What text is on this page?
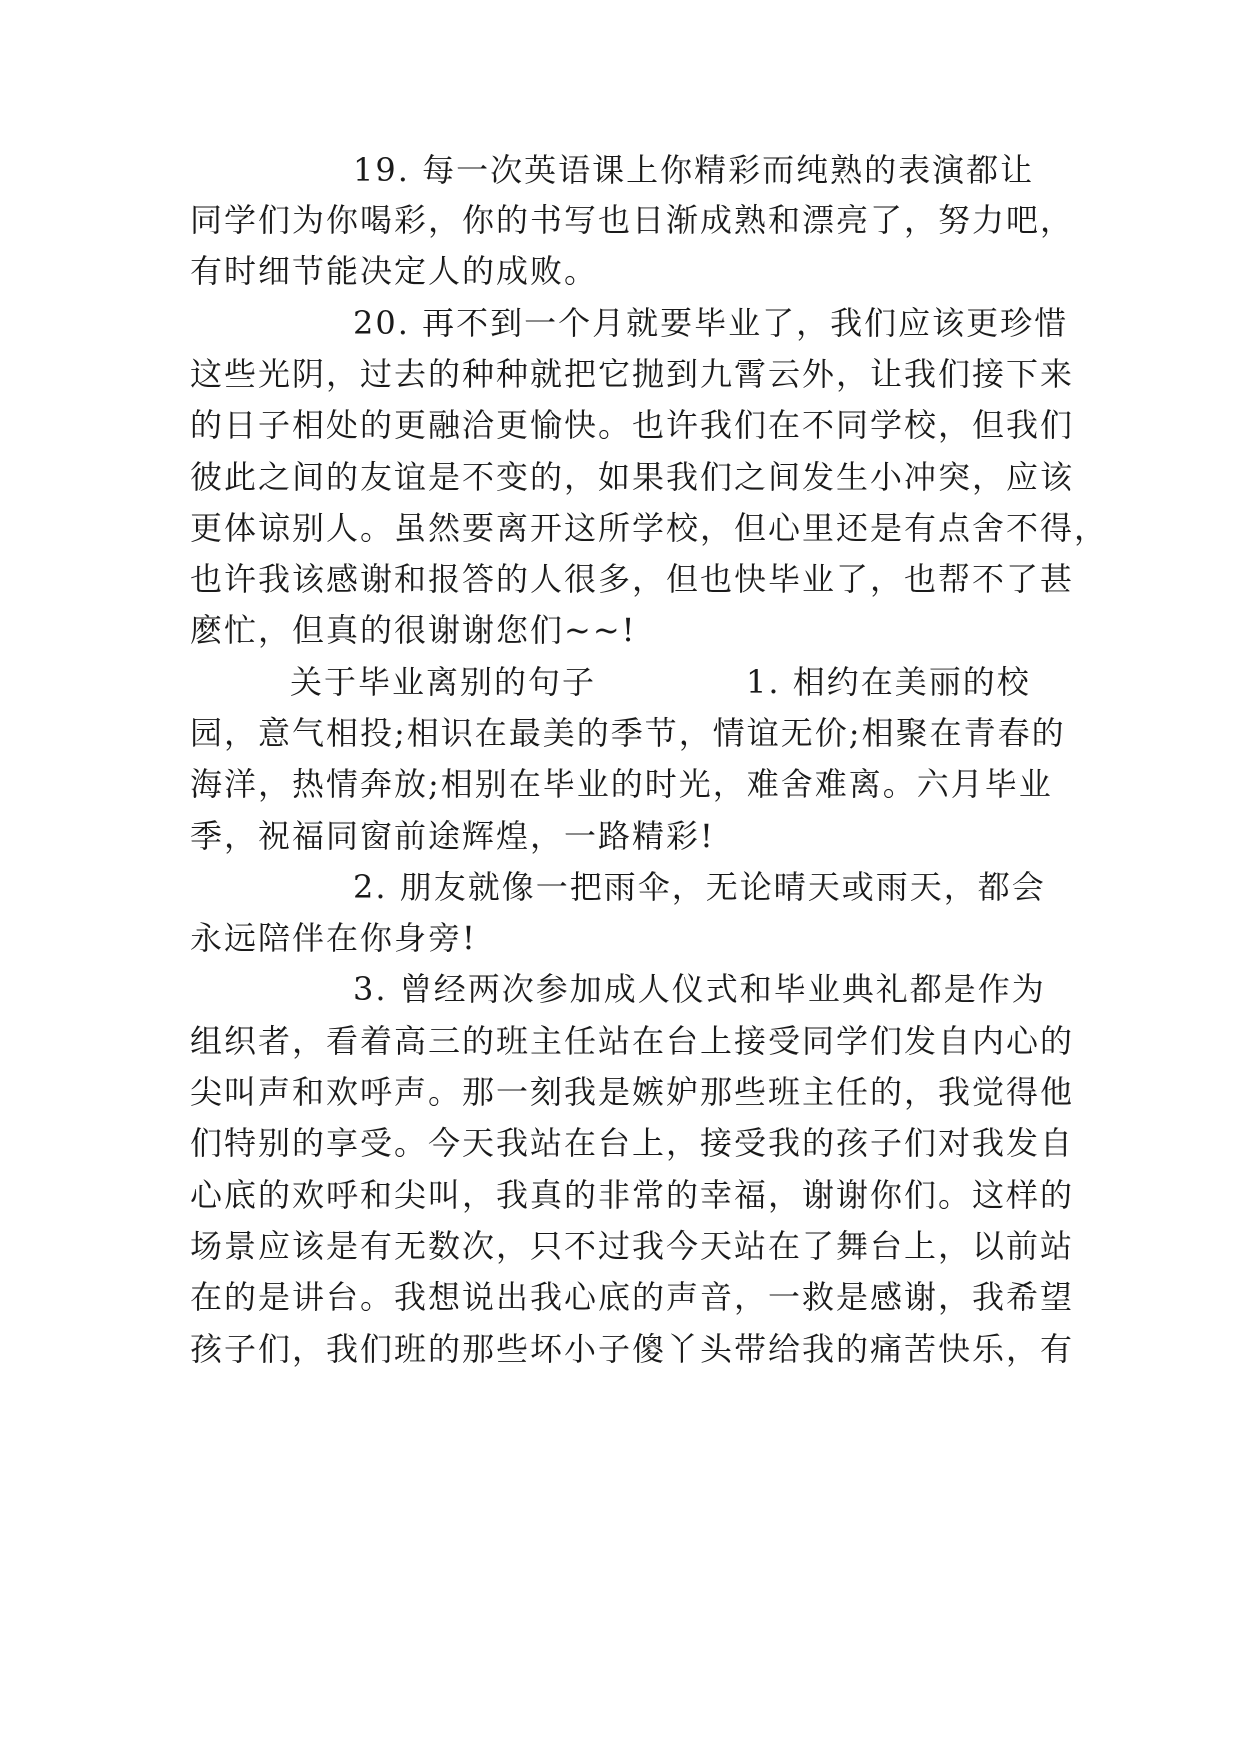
19. 每一次英语课上你精彩而纯熟的表演都让
同学们为你喝彩，你的书写也日渐成熟和漂亮了，努力吧，
有时细节能决定人的成败。
20. 再不到一个月就要毕业了，我们应该更珍惜
这些光阴，过去的种种就把它抛到九霄云外，让我们接下来
的日子相处的更融洽更愉快。也许我们在不同学校，但我们
彼此之间的友谊是不变的，如果我们之间发生小冲突，应该
更体谅别人。虽然要离开这所学校，但心里还是有点舍不得，
也许我该感谢和报答的人很多，但也快毕业了，也帮不了甚
麽忙，但真的很谢谢您们~~!
关于毕业离别的句子	1. 相约在美丽的校
园，意气相投;相识在最美的季节，情谊无价;相聚在青春的
海洋，热情奔放;相别在毕业的时光，难舍难离。六月毕业
季，祝福同窗前途辉煌，一路精彩!
2. 朋友就像一把雨伞，无论晴天或雨天，都会
永远陪伴在你身旁!
3. 曾经两次参加成人仪式和毕业典礼都是作为
组织者，看着高三的班主任站在台上接受同学们发自内心的
尖叫声和欢呼声。那一刻我是嫉妒那些班主任的，我觉得他
们特别的享受。今天我站在台上，接受我的孩子们对我发自
心底的欢呼和尖叫，我真的非常的幸福，谢谢你们。这样的
场景应该是有无数次，只不过我今天站在了舞台上，以前站
在的是讲台。我想说出我心底的声音，一救是感谢，我希望
孩子们，我们班的那些坏小子傻丫头带给我的痛苦快乐，有
